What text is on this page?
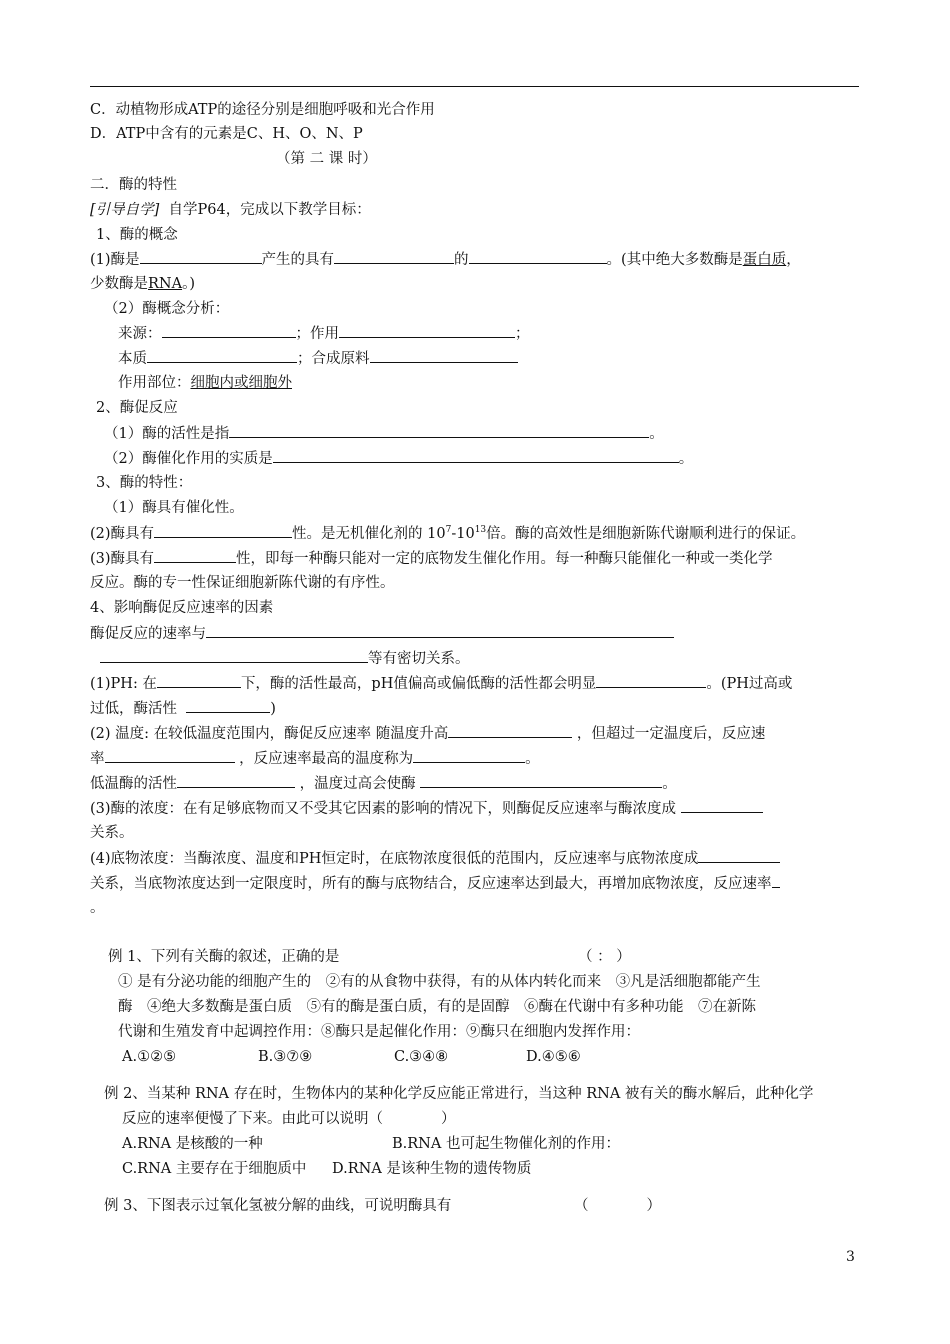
C．动植物形成ATP的途径分别是细胞呼吸和光合作用
D．ATP中含有的元素是C、H、O、N、P
（第 二 课 时）
二．酶的特性
[引导自学] 自学P64，完成以下教学目标：
1、酶的概念
(1)酶是	产生的具有	的	。(其中绝大多数酶是蛋白质，
少数酶是RNA。)
（2）酶概念分析：
来源：	；作用	；
本质	；合成原料
作用部位：细胞内或细胞外
2、酶促反应
（1）酶的活性是指	。
（2）酶催化作用的实质是	。
3、酶的特性：
（1）酶具有催化性。
(2)酶具有	性。是无机催化剂的 $10^7-10^{13}$倍。酶的高效性是细胞新陈代谢顺利进行的保证。
(3)酶具有	性，即每一种酶只能对一定的底物发生催化作用。每一种酶只能催化一种或一类化学
反应。酶的专一性保证细胞新陈代谢的有序性。
4、影响酶促反应速率的因素
酶促反应的速率与
等有密切关系。
(1)PH: 在	下，酶的活性最高，pH值偏高或偏低酶的活性都会明显	。(PH过高或
过低，酶活性	)
(2) 温度: 在较低温度范围内，酶促反应速率 随温度升高	，但超过一定温度后，反应速
率	，反应速率最高的温度称为	。
低温酶的活性	，温度过高会使酶	。
(3)酶的浓度：在有足够底物而又不受其它因素的影响的情况下，则酶促反应速率与酶浓度成
关系。
(4)底物浓度：当酶浓度、温度和PH恒定时，在底物浓度很低的范围内，反应速率与底物浓度成
关系，当底物浓度达到一定限度时，所有的酶与底物结合，反应速率达到最大，再增加底物浓度，反应速率
。
例 1、下列有关酶的叙述，正确的是	（ ： ）
① 是有分泌功能的细胞产生的　②有的从食物中获得，有的从体内转化而来　③凡是活细胞都能产生
酶　④绝大多数酶是蛋白质　⑤有的酶是蛋白质，有的是固醇　⑥酶在代谢中有多种功能　⑦在新陈
代谢和生殖发育中起调控作用：⑧酶只是起催化作用：⑨酶只在细胞内发挥作用：
A.①②⑤	B.③⑦⑨	C.③④⑧	D.④⑤⑥
例 2、当某种 RNA 存在时，生物体内的某种化学反应能正常进行，当这种 RNA 被有关的酶水解后，此种化学
反应的速率便慢了下来。由此可以说明（　　　　）
A.RNA 是核酸的一种	B.RNA 也可起生物催化剂的作用：
C.RNA 主要存在于细胞质中 D.RNA 是该种生物的遗传物质
例 3、下图表示过氧化氢被分解的曲线，可说明酶具有	（　　　　）
3
